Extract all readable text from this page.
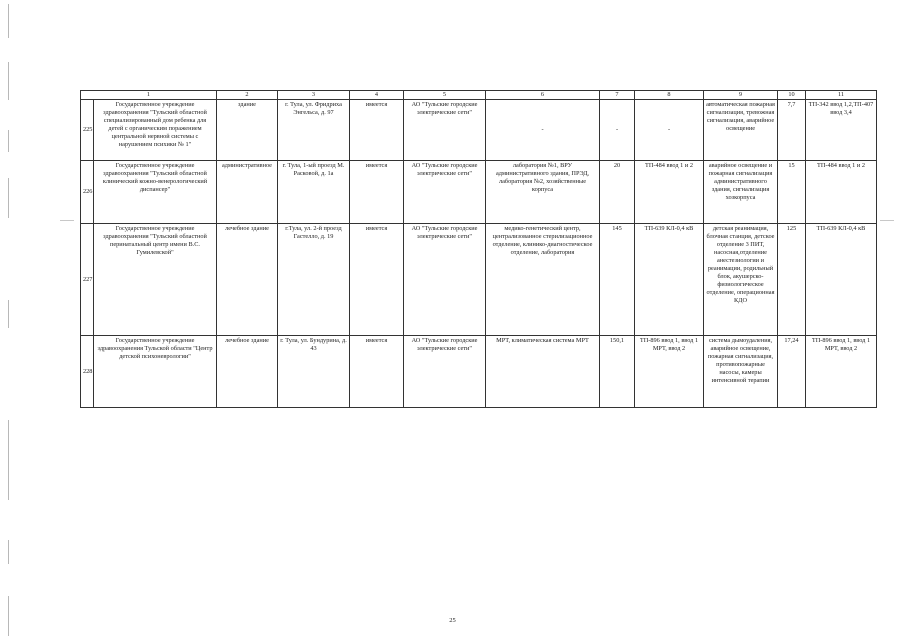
1		2	3	4	5	6	7	8	9	10	11
225	Государственное учреждение здравоохранения "Тульский областной специализированный дом ребенка для детей с органическим поражением центральной нервной системы с нарушением психики № 1"	здание	г. Тула, ул. Фридриха Энгельса, д. 97	имеется	АО "Тульские городские электрические сети"	-	-	-	автоматическая пожарная сигнализация, тревожная сигнализация, аварийное освещение	7,7	ТП-342 ввод 1,2,ТП-407 ввод 3,4
226	Государственное учреждение здравоохранения "Тульский областной клинический кожно-венерологический диспансер"	административное	г. Тула, 1-ый проезд М. Расковой, д. 1а	имеется	АО "Тульские городские электрические сети"	лаборатория №1, ВРУ административного здания, ПРЭД, лаборатория №2, хозяйственные корпуса	20	ТП-484 ввод 1 и 2	аварийное освещение и пожарная сигнализация административного здания, сигнализация хозкорпуса	15	ТП-484 ввод 1 и 2
227	Государственное учреждение здравоохранения "Тульский областной перинатальный центр имени В.С. Гумилевской"	лечебное здание	г.Тула, ул. 2-й проезд Гастелло, д. 19	имеется	АО "Тульские городские электрические сети"	медико-генетический центр, централизованное стерилизационное отделение, клинико-диагностическое отделение, лаборатория	145	ТП-639 КЛ-0,4 кВ	детская реанимация, блочная станция, детское отделение 3 ПИТ, насосная,отделение анестезиологии и реанимации, родильный блок, акушерско-физиологическое отделение, операционная КДО	125	ТП-639 КЛ-0,4 кВ
228	Государственное учреждение здравоохранения Тульской области "Центр детской психоневрологии"	лечебное здание	г. Тула, ул. Бундурина, д. 43	имеется	АО "Тульские городские электрические сети"	МРТ, климатическая система МРТ	150,1	ТП-896 ввод 1, ввод 1 МРТ, ввод 2	система дымоудаления, аварийное освещение, пожарная сигнализация, противопожарные насосы, камеры интенсивной терапии	17,24	ТП-896 ввод 1, ввод 1 МРТ, ввод 2
25
